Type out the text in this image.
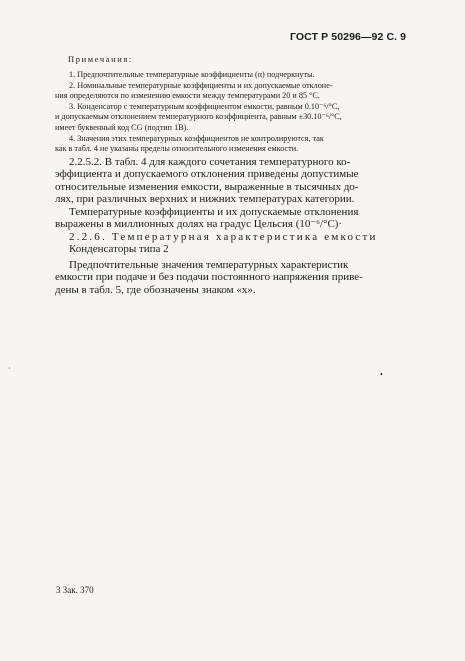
ГОСТ Р 50296—92 С. 9
Примечания:
1. Предпочтительные температурные коэффициенты (α) подчеркнуты.
2. Номинальные температурные коэффициенты и их допускаемые отклоне-
ния определяются по изменению емкости между температурами 20 и 85 °С.
3. Конденсатор с температурным коэффициентом емкости, равным 0.10⁻⁶/°С,
и допускаемым отклонением температурного коэффициента, равным ±30.10⁻⁶/°С,
имеет буквенный код CG (подтип 1В).
4. Значения этих температурных коэффициентов не контролируются, так
как в табл. 4 не указаны пределы относительного изменения емкости.
2.2.5.2. В табл. 4 для каждого сочетания температурного ко-
эффициента и допускаемого отклонения приведены допустимые
относительные изменения емкости, выраженные в тысячных до-
лях, при различных верхних и нижних температурах категории.
Температурные коэффициенты и их допускаемые отклонения
выражены в миллионных долях на градус Цельсия (10⁻⁶/°С)·
2.2.6. Температурная характеристика емкости
Конденсаторы типа 2
Предпочтительные значения температурных характеристик
емкости при подаче и без подачи постоянного напряжения приве-
дены в табл. 5, где обозначены знаком «х».
·
•
3 Зак. 370
